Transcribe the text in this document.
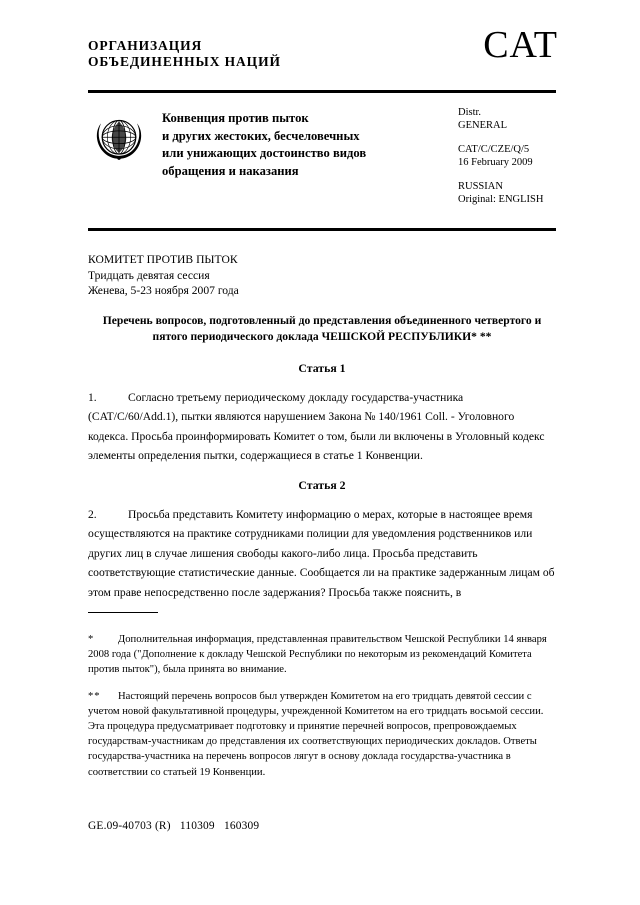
ОРГАНИЗАЦИЯ
ОБЪЕДИНЕННЫХ НАЦИЙ	CAT
Конвенция против пыток
и других жестоких, бесчеловечных
или унижающих достоинство видов
обращения и наказания
Distr.
GENERAL
CAT/C/CZE/Q/5
16 February 2009
RUSSIAN
Original: ENGLISH
КОМИТЕТ ПРОТИВ ПЫТОК
Тридцать девятая сессия
Женева, 5-23 ноября 2007 года
Перечень вопросов, подготовленный до представления объединенного четвертого и пятого периодического доклада ЧЕШСКОЙ РЕСПУБЛИКИ* **
Статья 1
1.	Согласно третьему периодическому докладу государства-участника (CAT/C/60/Add.1), пытки являются нарушением Закона № 140/1961 Coll. - Уголовного кодекса. Просьба проинформировать Комитет о том, были ли включены в Уголовный кодекс элементы определения пытки, содержащиеся в статье 1 Конвенции.
Статья 2
2.	Просьба представить Комитету информацию о мерах, которые в настоящее время осуществляются на практике сотрудниками полиции для уведомления родственников или других лиц в случае лишения свободы какого-либо лица. Просьба представить соответствующие статистические данные. Сообщается ли на практике задержанным лицам об этом праве непосредственно после задержания? Просьба также пояснить, в
* Дополнительная информация, представленная правительством Чешской Республики 14 января 2008 года ("Дополнение к докладу Чешской Республики по некоторым из рекомендаций Комитета против пыток"), была принята во внимание.
** Настоящий перечень вопросов был утвержден Комитетом на его тридцать девятой сессии с учетом новой факультативной процедуры, учрежденной Комитетом на его тридцать восьмой сессии. Эта процедура предусматривает подготовку и принятие перечней вопросов, препровождаемых государствам-участникам до представления их соответствующих периодических докладов. Ответы государства-участника на перечень вопросов лягут в основу доклада государства-участника в соответствии со статьей 19 Конвенции.
GE.09-40703 (R)   110309   160309
